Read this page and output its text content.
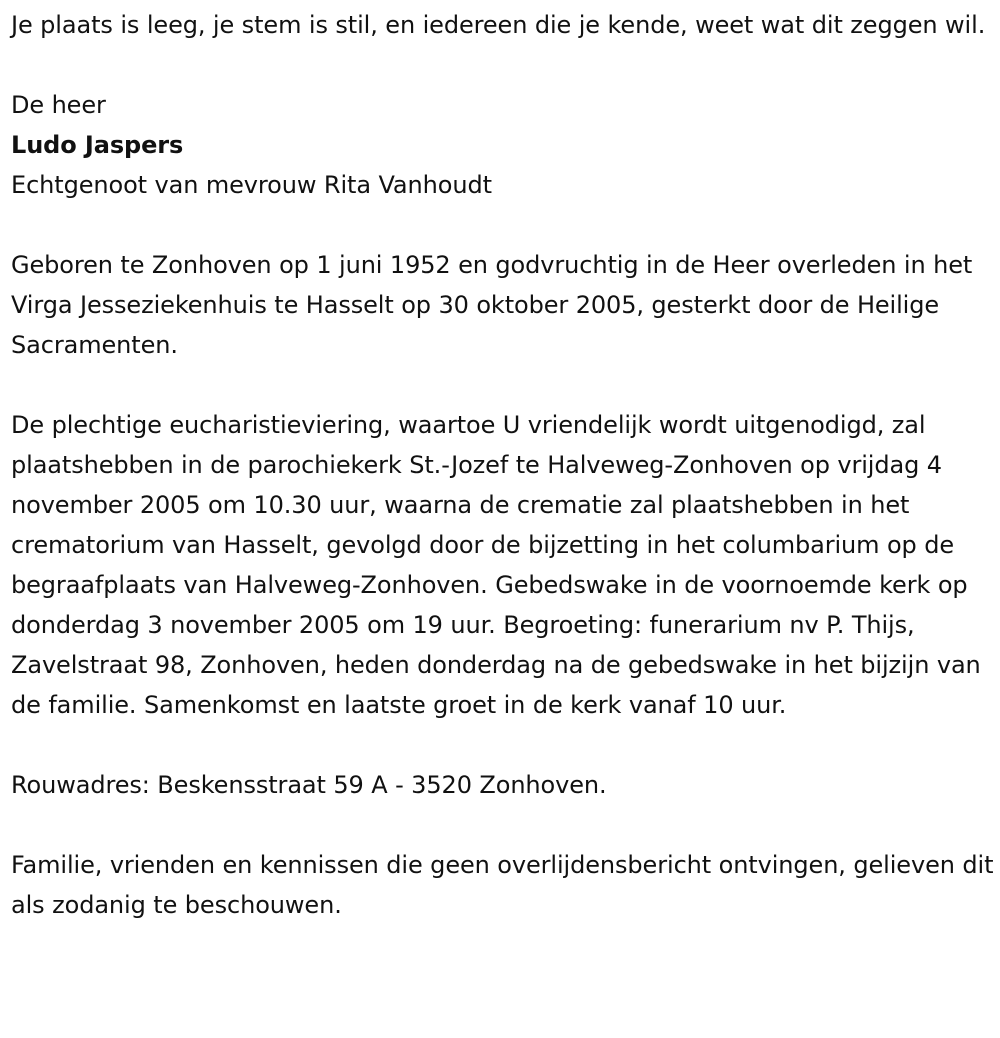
Je plaats is leeg, je stem is stil, en iedereen die je kende, weet wat dit zeggen wil.

De heer

Ludo Jaspers

Echtgenoot van mevrouw Rita Vanhoudt

Geboren te Zonhoven op 1 juni 1952 en godvruchtig in de Heer overleden in het Virga Jesseziekenhuis te Hasselt op 30 oktober 2005, gesterkt door de Heilige Sacramenten.

De plechtige eucharistieviering, waartoe U vriendelijk wordt uitgenodigd, zal plaatshebben in de parochiekerk St.-Jozef te Halveweg-Zonhoven op vrijdag 4 november 2005 om 10.30 uur, waarna de crematie zal plaatshebben in het crematorium van Hasselt, gevolgd door de bijzetting in het columbarium op de begraafplaats van Halveweg-Zonhoven. Gebedswake in de voornoemde kerk op donderdag 3 november 2005 om 19 uur. Begroeting: funerarium nv P. Thijs, Zavelstraat 98, Zonhoven, heden donderdag na de gebedswake in het bijzijn van de familie. Samenkomst en laatste groet in de kerk vanaf 10 uur.

Rouwadres: Beskensstraat 59 A - 3520 Zonhoven.

Familie, vrienden en kennissen die geen overlijdensbericht ontvingen, gelieven dit als zodanig te beschouwen.
